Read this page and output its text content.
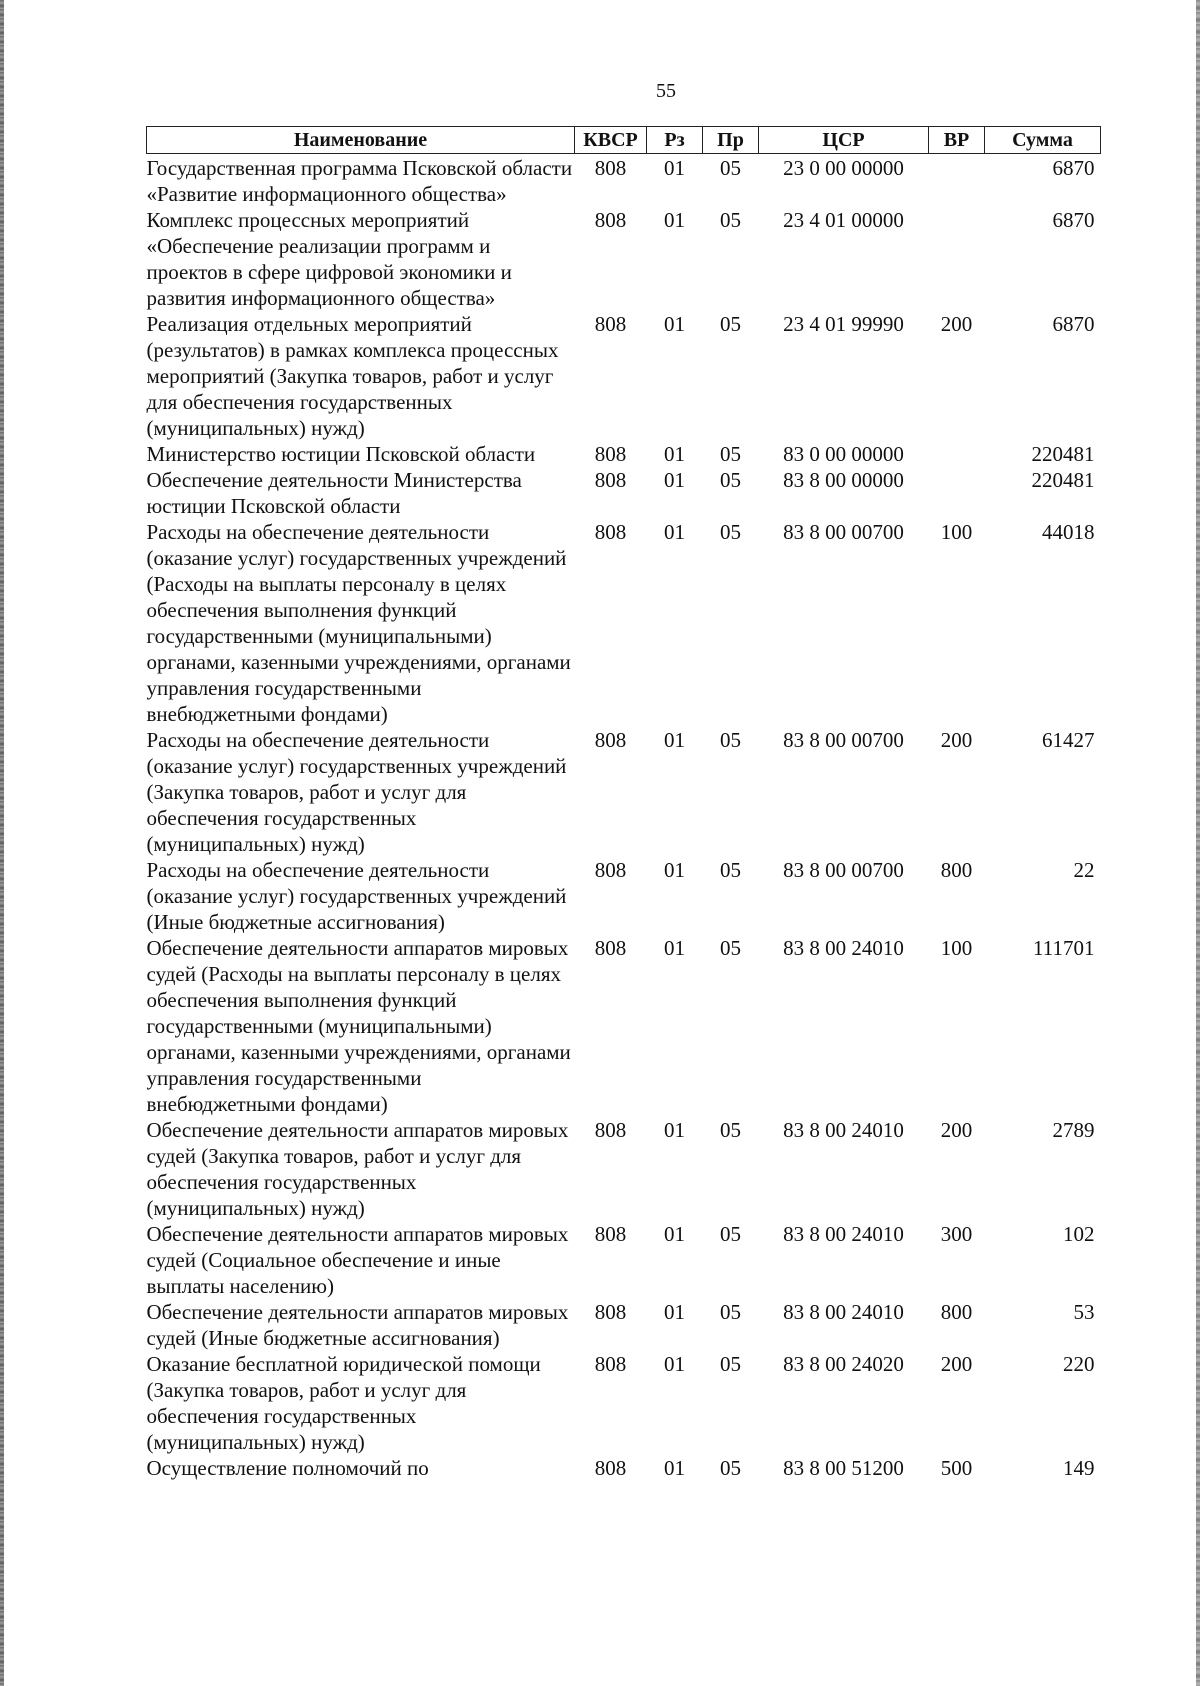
55
Наименование	КВСР	Рз	Пр	ЦСР	ВР	Сумма
Государственная программа Псковской области «Развитие информационного общества»	808	01	05	23 0 00 00000		6870
Комплекс процессных мероприятий «Обеспечение реализации программ и проектов в сфере цифровой экономики и развития информационного общества»	808	01	05	23 4 01 00000		6870
Реализация отдельных мероприятий (результатов) в рамках комплекса процессных мероприятий (Закупка товаров, работ и услуг для обеспечения государственных (муниципальных) нужд)	808	01	05	23 4 01 99990	200	6870
Министерство юстиции Псковской области	808	01	05	83 0 00 00000		220481
Обеспечение деятельности Министерства юстиции Псковской области	808	01	05	83 8 00 00000		220481
Расходы на обеспечение деятельности (оказание услуг) государственных учреждений (Расходы на выплаты персоналу в целях обеспечения выполнения функций государственными (муниципальными) органами, казенными учреждениями, органами управления государственными внебюджетными фондами)	808	01	05	83 8 00 00700	100	44018
Расходы на обеспечение деятельности (оказание услуг) государственных учреждений (Закупка товаров, работ и услуг для обеспечения государственных (муниципальных) нужд)	808	01	05	83 8 00 00700	200	61427
Расходы на обеспечение деятельности (оказание услуг) государственных учреждений (Иные бюджетные ассигнования)	808	01	05	83 8 00 00700	800	22
Обеспечение деятельности аппаратов мировых судей (Расходы на выплаты персоналу в целях обеспечения выполнения функций государственными (муниципальными) органами, казенными учреждениями, органами управления государственными внебюджетными фондами)	808	01	05	83 8 00 24010	100	111701
Обеспечение деятельности аппаратов мировых судей (Закупка товаров, работ и услуг для обеспечения государственных (муниципальных) нужд)	808	01	05	83 8 00 24010	200	2789
Обеспечение деятельности аппаратов мировых судей (Социальное обеспечение и иные выплаты населению)	808	01	05	83 8 00 24010	300	102
Обеспечение деятельности аппаратов мировых судей (Иные бюджетные ассигнования)	808	01	05	83 8 00 24010	800	53
Оказание бесплатной юридической помощи (Закупка товаров, работ и услуг для обеспечения государственных (муниципальных) нужд)	808	01	05	83 8 00 24020	200	220
Осуществление полномочий по	808	01	05	83 8 00 51200	500	149
